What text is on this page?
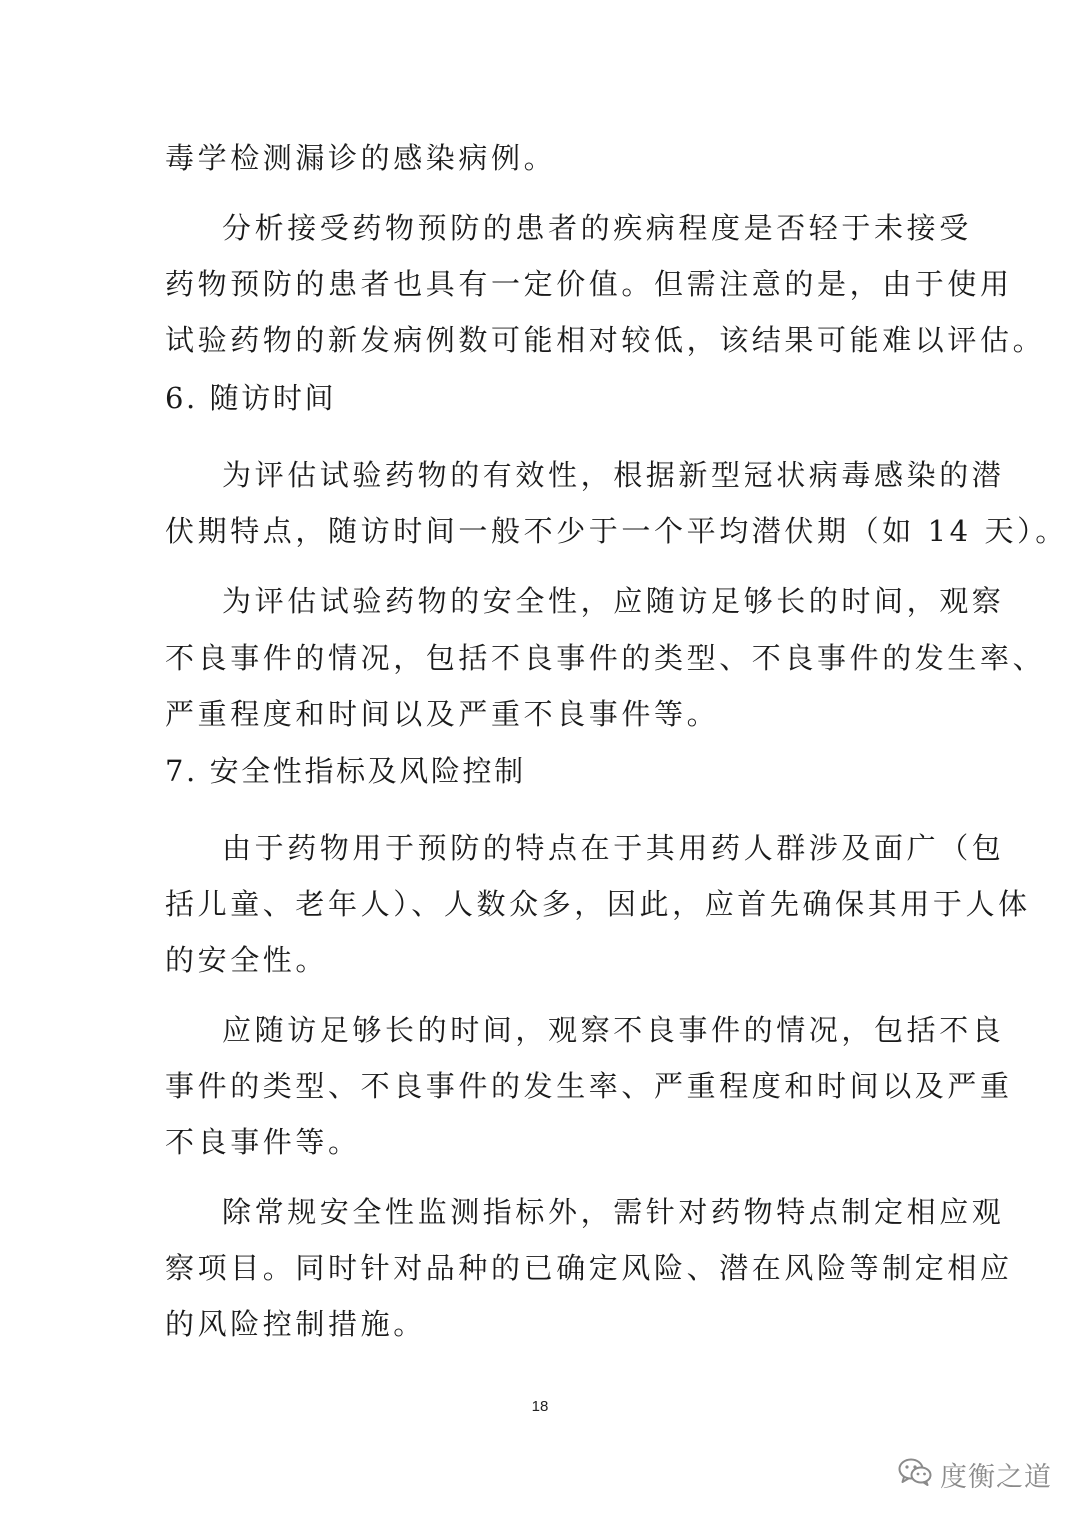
毒学检测漏诊的感染病例。
分析接受药物预防的患者的疾病程度是否轻于未接受
药物预防的患者也具有一定价值。但需注意的是，由于使用
试验药物的新发病例数可能相对较低，该结果可能难以评估。
6. 随访时间
为评估试验药物的有效性，根据新型冠状病毒感染的潜
伏期特点，随访时间一般不少于一个平均潜伏期（如 14 天）。
为评估试验药物的安全性，应随访足够长的时间，观察
不良事件的情况，包括不良事件的类型、不良事件的发生率、
严重程度和时间以及严重不良事件等。
7. 安全性指标及风险控制
由于药物用于预防的特点在于其用药人群涉及面广（包
括儿童、老年人）、人数众多，因此，应首先确保其用于人体
的安全性。
应随访足够长的时间，观察不良事件的情况，包括不良
事件的类型、不良事件的发生率、严重程度和时间以及严重
不良事件等。
除常规安全性监测指标外，需针对药物特点制定相应观
察项目。同时针对品种的已确定风险、潜在风险等制定相应
的风险控制措施。
18
度衡之道
